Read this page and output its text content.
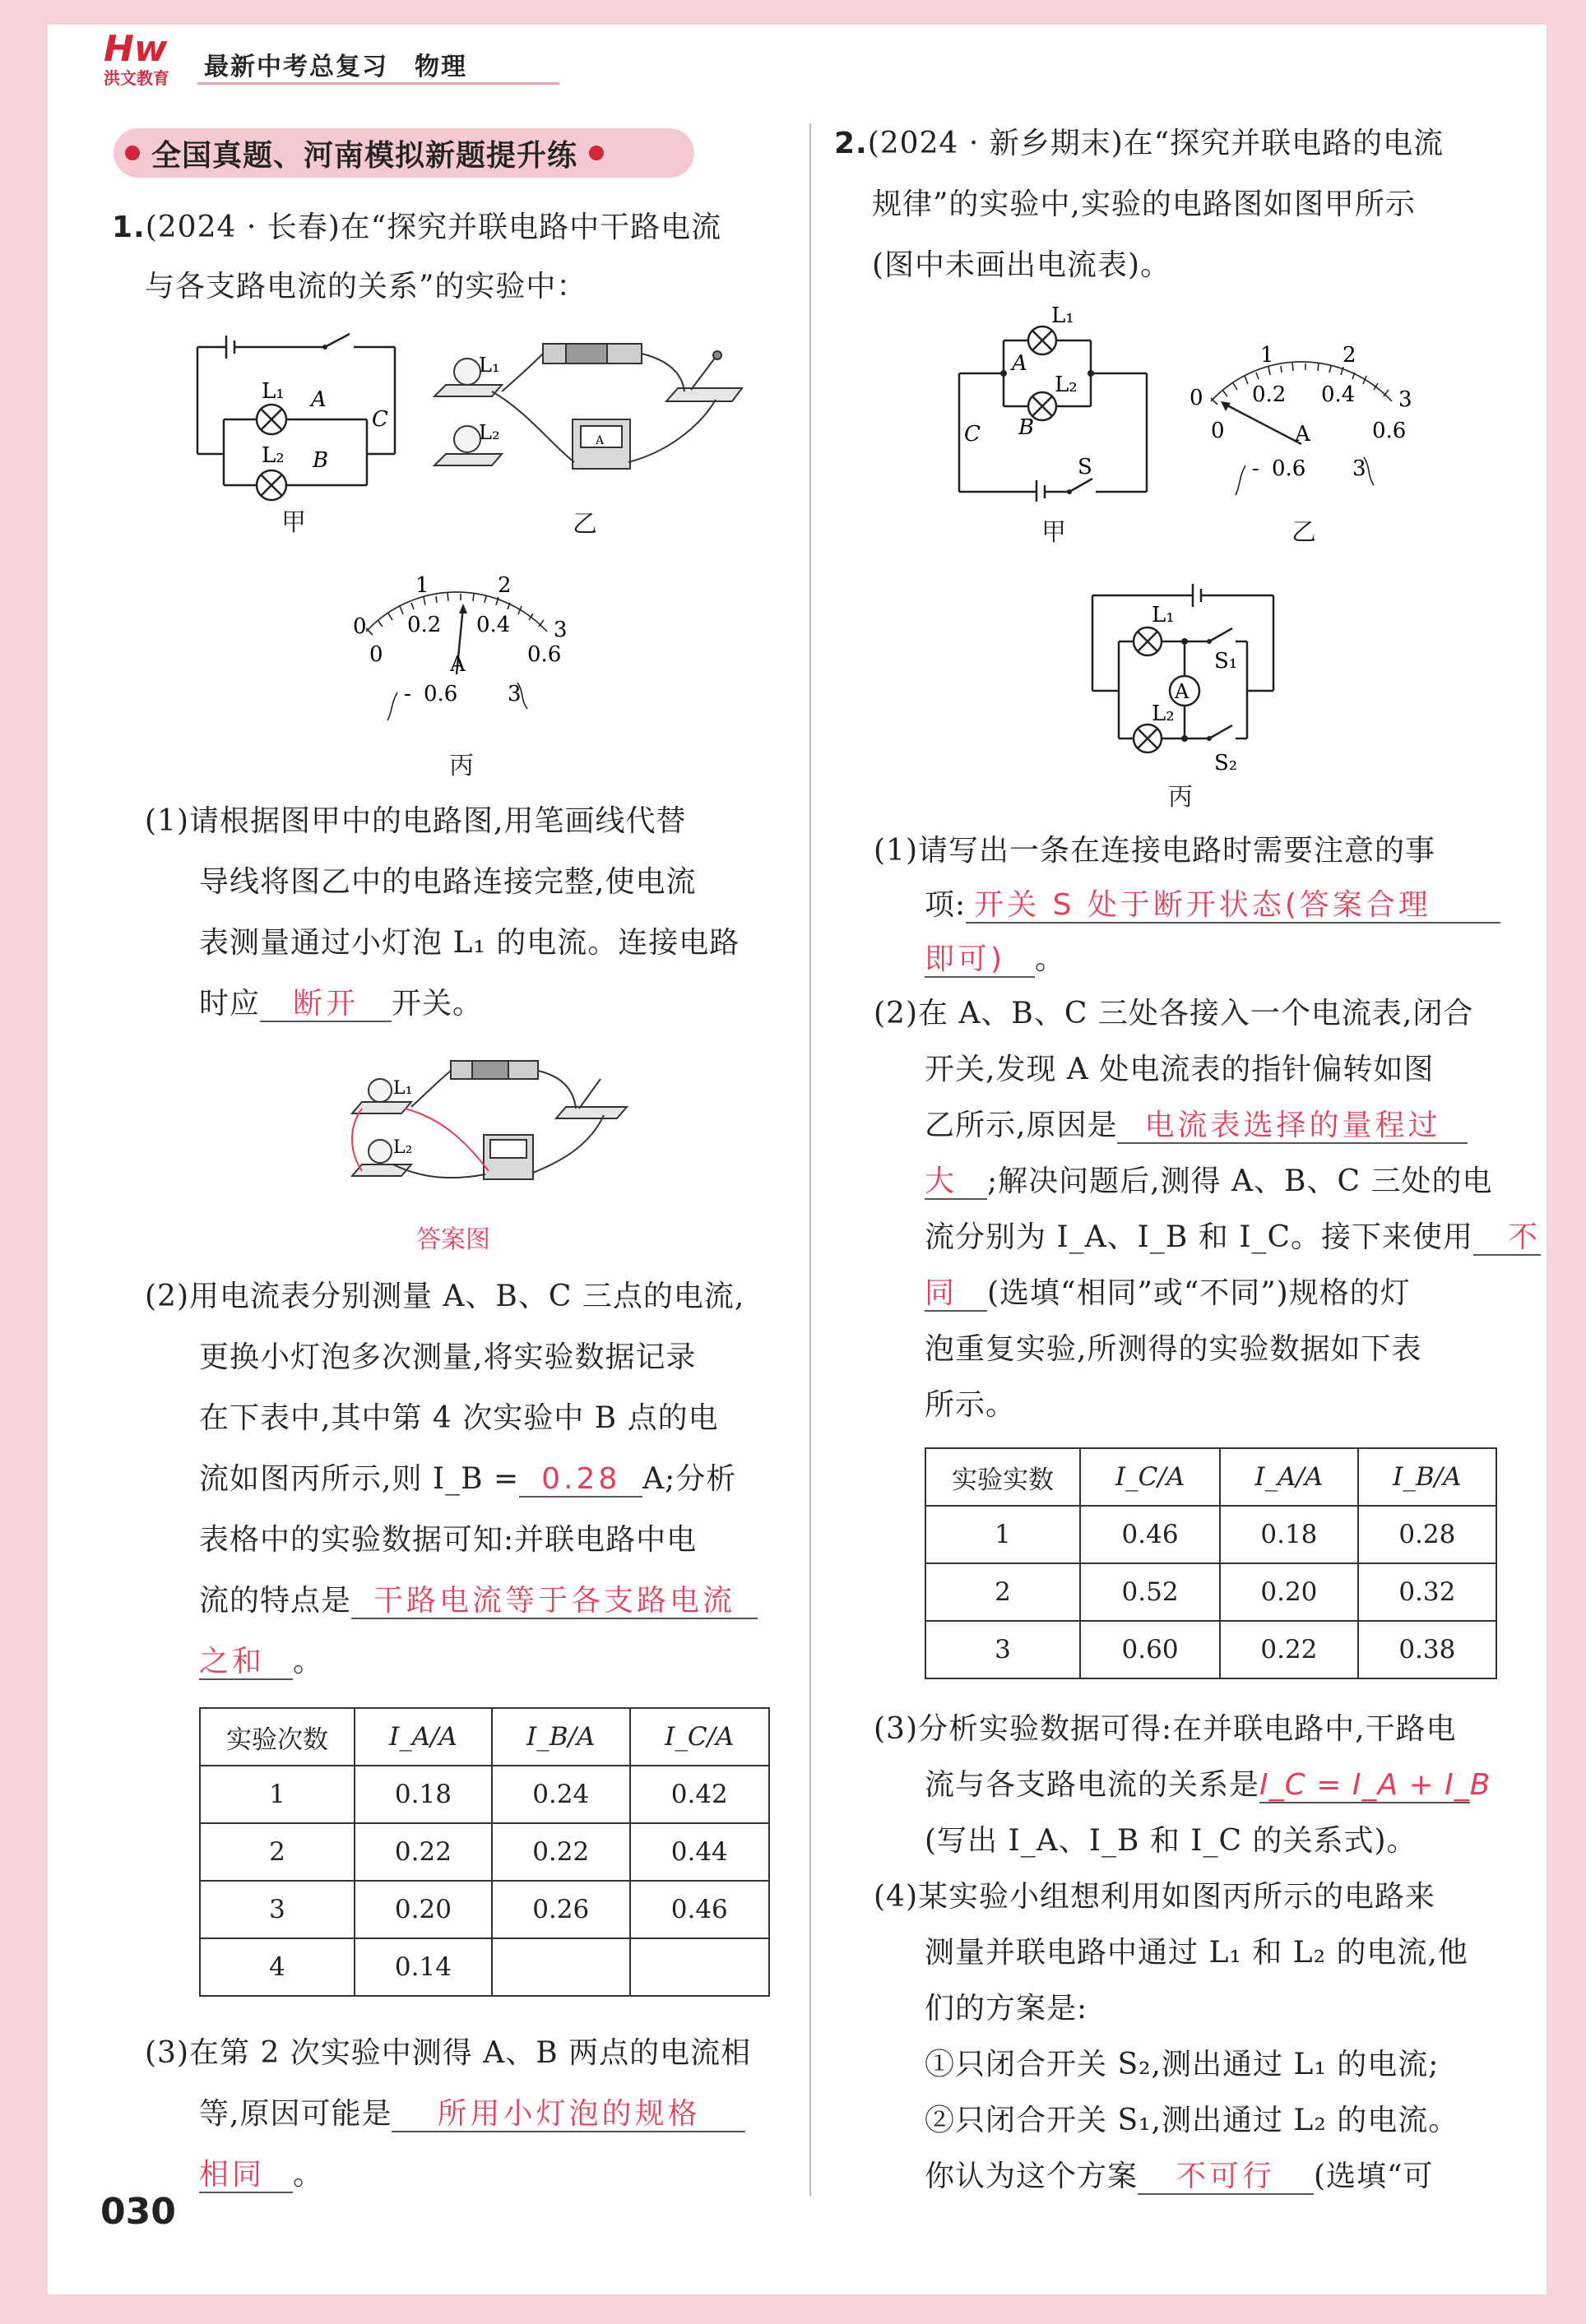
Hw
洪文教育	最新中考总复习　物理
全国真题、河南模拟新题提升练
1.(2024 · 长春)在“探究并联电路中干路电流
与各支路电流的关系”的实验中：
L₁ A
C
L₂ B
甲
L₁
L₂	A
乙
0
1	2
3
0
0.2 0.4
0.6
A
- 0.6 3
丙
(1)请根据图甲中的电路图,用笔画线代替
导线将图乙中的电路连接完整,使电流
表测量通过小灯泡 L₁ 的电流。连接电路
时应 断开 开关。
L₁
L₂
答案图
(2)用电流表分别测量 A、B、C 三点的电流,
更换小灯泡多次测量,将实验数据记录
在下表中,其中第 4 次实验中 B 点的电
流如图丙所示,则 I_B = 0.28 A;分析
表格中的实验数据可知:并联电路中电
流的特点是 干路电流等于各支路电流
之和 。
实验次数	I_A/A	I_B/A	I_C/A
1	0.18	0.24	0.42
2	0.22	0.22	0.44
3	0.20	0.26	0.46
4	0.14		
(3)在第 2 次实验中测得 A、B 两点的电流相
等,原因可能是 所用小灯泡的规格
相同 。
030
2.(2024 · 新乡期末)在“探究并联电路的电流
规律”的实验中,实验的电路图如图甲所示
(图中未画出电流表)。
L₁
A
L₂
B
C
S
甲
0
1	2
3
0
0.2 0.4
0.6
A
- 0.6 3
乙
L₁
A
L₂
S₁
S₂
丙
(1)请写出一条在连接电路时需要注意的事
项: 开关 S 处于断开状态(答案合理
即可) 。
(2)在 A、B、C 三处各接入一个电流表,闭合
开关,发现 A 处电流表的指针偏转如图
乙所示,原因是 电流表选择的量程过
大 ;解决问题后,测得 A、B、C 三处的电
流分别为 I_A、I_B 和 I_C。接下来使用 不
同 (选填“相同”或“不同”)规格的灯
泡重复实验,所测得的实验数据如下表
所示。
实验实数	I_C/A	I_A/A	I_B/A
1	0.46	0.18	0.28
2	0.52	0.20	0.32
3	0.60	0.22	0.38
(3)分析实验数据可得:在并联电路中,干路电
流与各支路电流的关系是I_C = I_A + I_B
(写出 I_A、I_B 和 I_C 的关系式)。
(4)某实验小组想利用如图丙所示的电路来
测量并联电路中通过 L₁ 和 L₂ 的电流,他
们的方案是:
①只闭合开关 S₂,测出通过 L₁ 的电流;
②只闭合开关 S₁,测出通过 L₂ 的电流。
你认为这个方案 不可行 (选填“可
